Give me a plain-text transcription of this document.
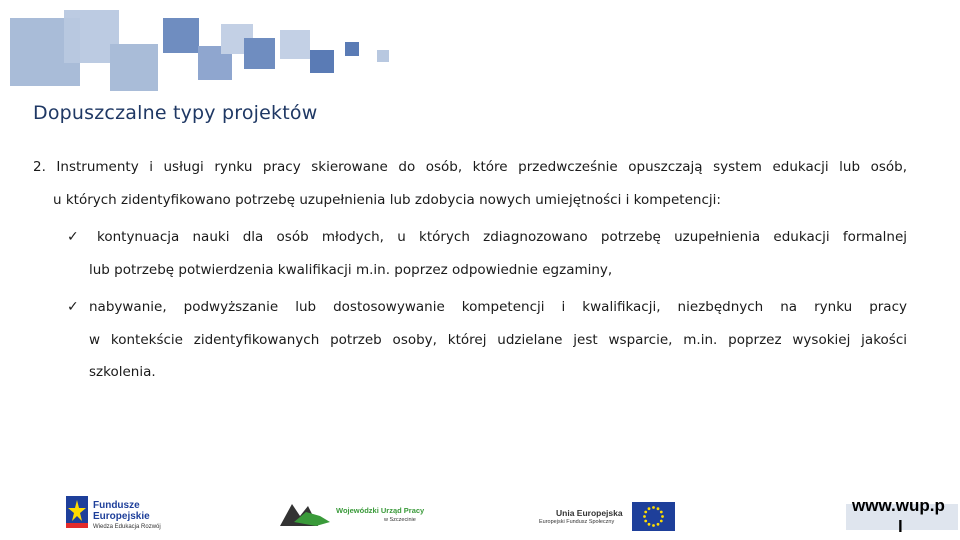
Dopuszczalne typy projektów
2. Instrumenty i usługi rynku pracy skierowane do osób, które przedwcześnie opuszczają system edukacji lub osób,
u których zidentyfikowano potrzebę uzupełnienia lub zdobycia nowych umiejętności i kompetencji:
✓ kontynuacja nauki dla osób młodych, u których zdiagnozowano potrzebę uzupełnienia edukacji formalnej
lub potrzebę potwierdzenia kwalifikacji m.in. poprzez odpowiednie egzaminy,
✓ nabywanie, podwyższanie lub dostosowywanie kompetencji i kwalifikacji, niezbędnych na rynku pracy
w kontekście zidentyfikowanych potrzeb osoby, której udzielane jest wsparcie, m.in. poprzez wysokiej jakości
szkolenia.
Fundusze
Europejskie
Wiedza Edukacja Rozwój
Wojewódzki Urząd Pracy
w Szczecinie
Unia Europejska
Europejski Fundusz Społeczny
www.wup.p
l
